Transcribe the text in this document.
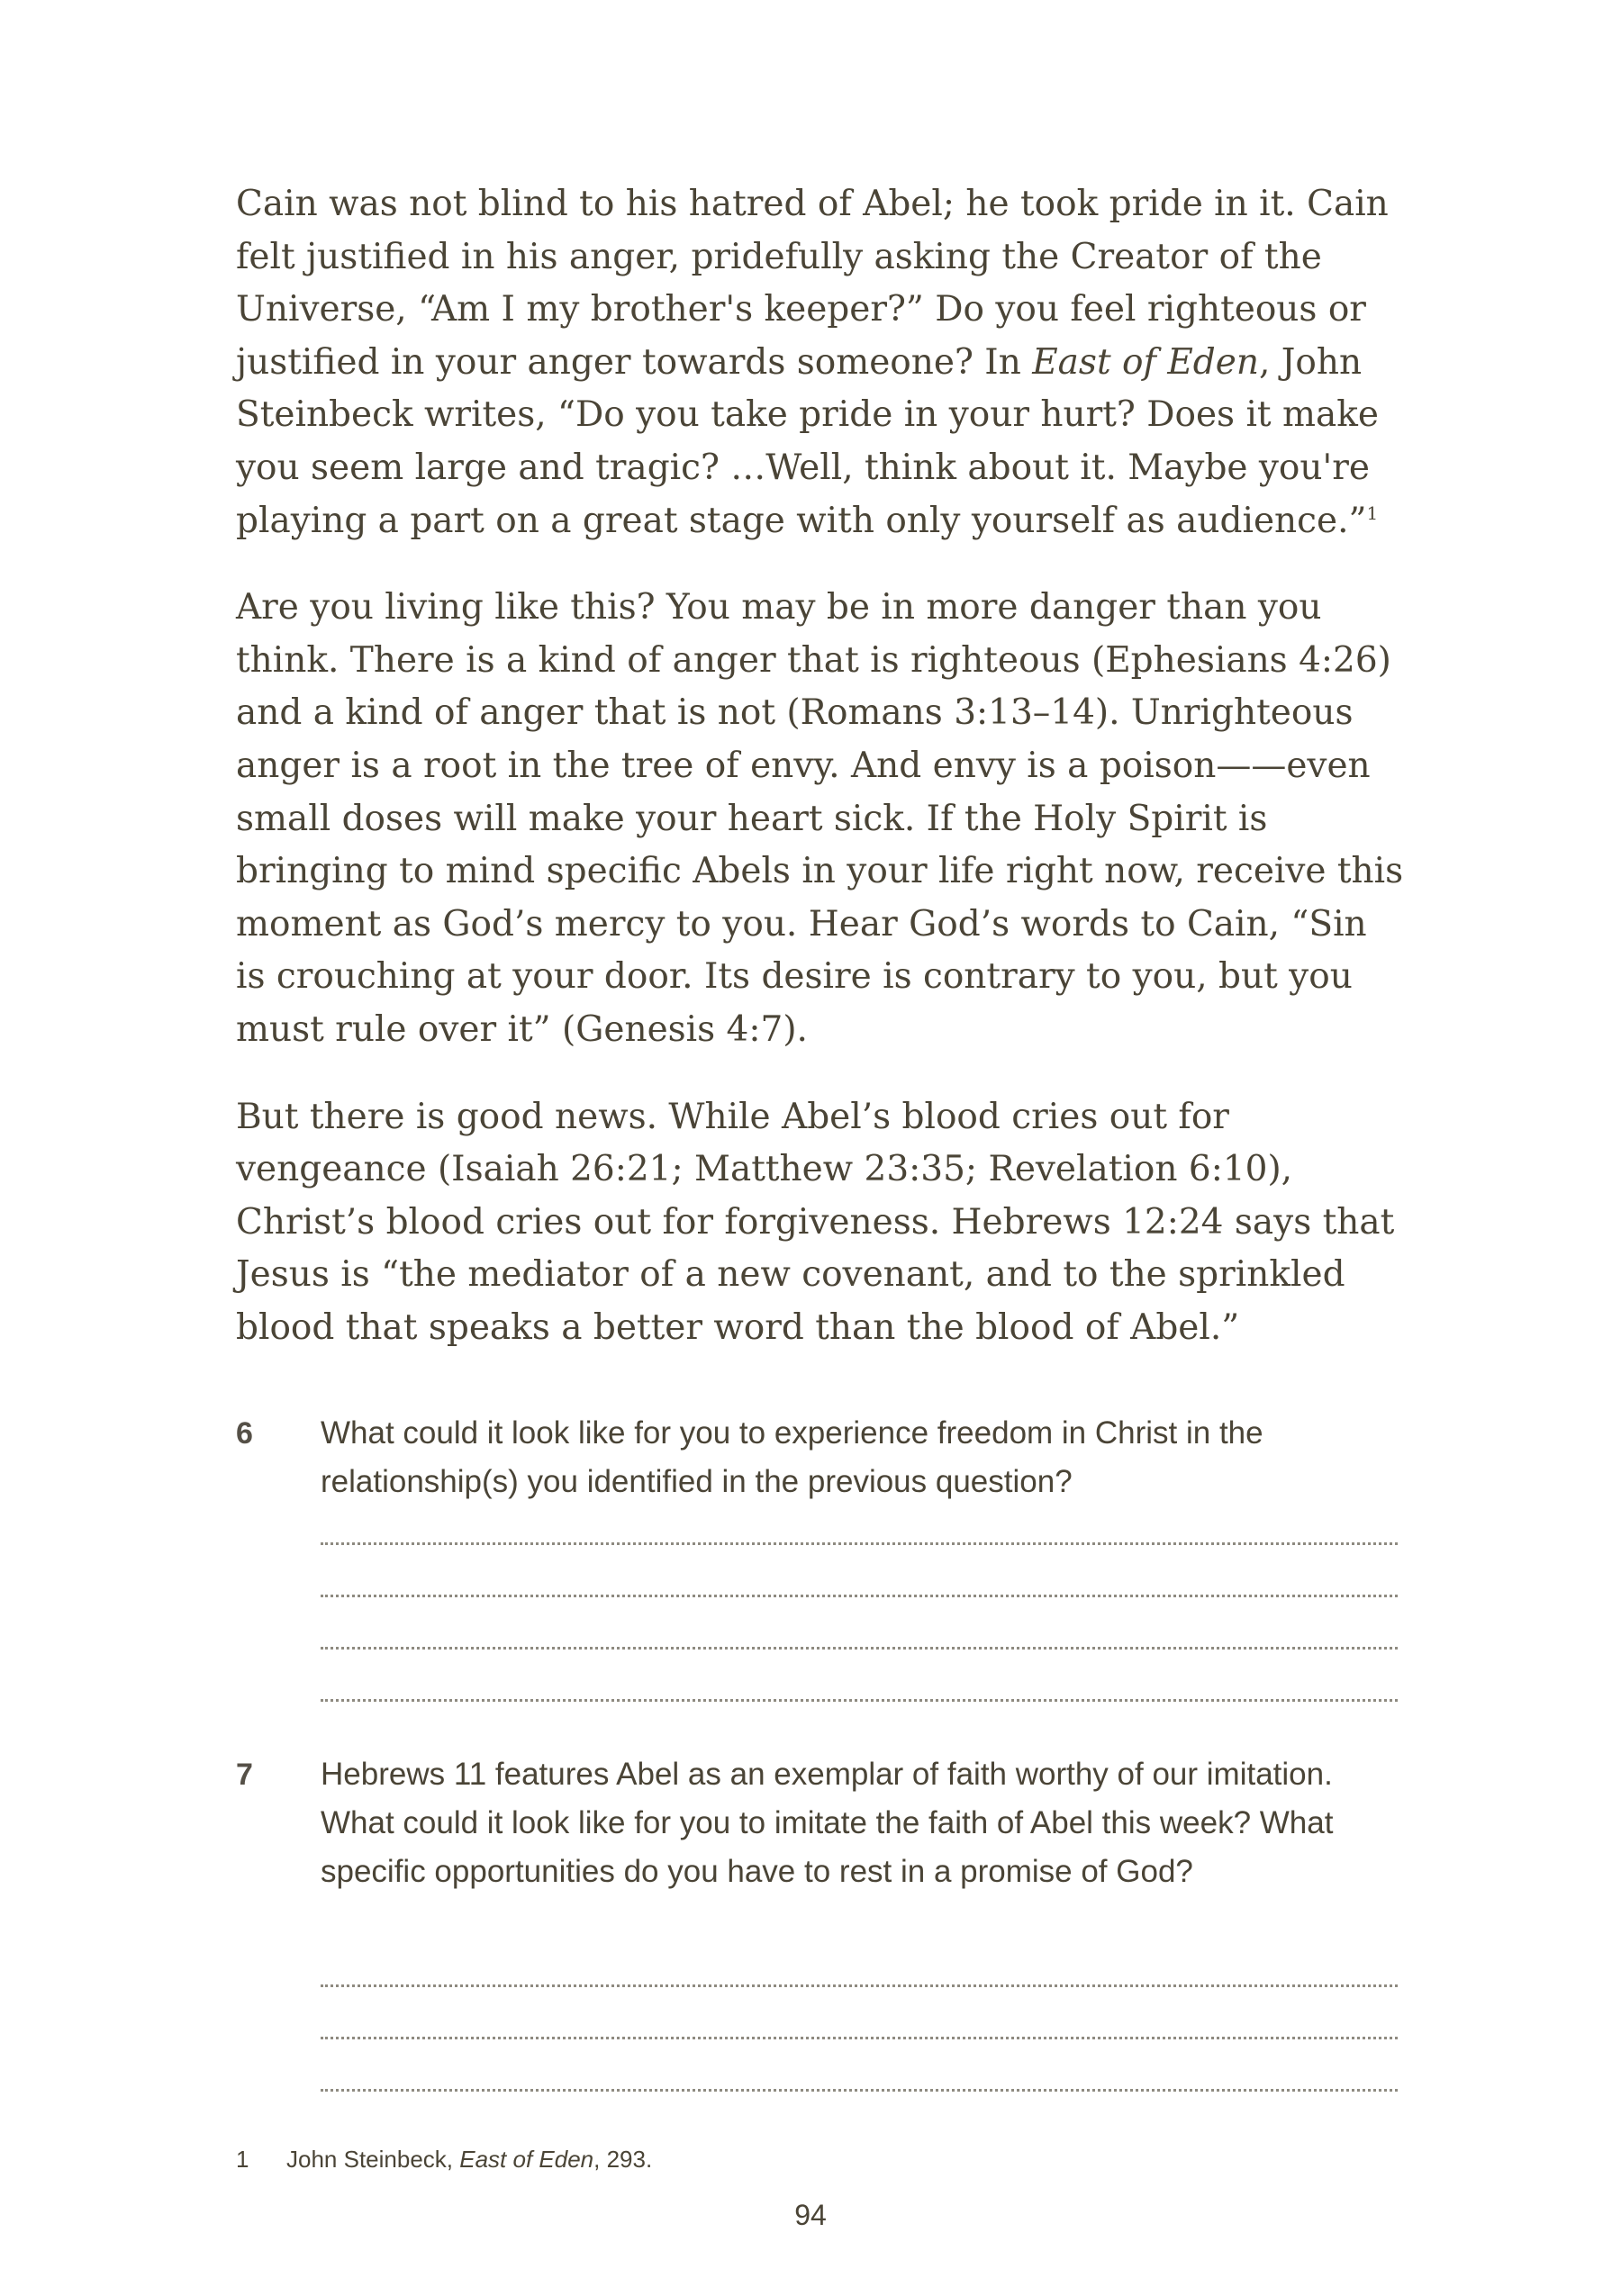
Cain was not blind to his hatred of Abel; he took pride in it. Cain felt justified in his anger, pridefully asking the Creator of the Universe, “Am I my brother's keeper?” Do you feel righteous or justified in your anger towards someone? In East of Eden, John Steinbeck writes, “Do you take pride in your hurt? Does it make you seem large and tragic? …Well, think about it. Maybe you're playing a part on a great stage with only yourself as audience.”$^1$

Are you living like this? You may be in more danger than you think. There is a kind of anger that is righteous (Ephesians 4:26) and a kind of anger that is not (Romans 3:13–14). Unrighteous anger is a root in the tree of envy. And envy is a poison——even small doses will make your heart sick. If the Holy Spirit is bringing to mind specific Abels in your life right now, receive this moment as God’s mercy to you. Hear God’s words to Cain, “Sin is crouching at your door. Its desire is contrary to you, but you must rule over it” (Genesis 4:7).

But there is good news. While Abel’s blood cries out for vengeance (Isaiah 26:21; Matthew 23:35; Revelation 6:10), Christ’s blood cries out for forgiveness. Hebrews 12:24 says that Jesus is “the mediator of a new covenant, and to the sprinkled blood that speaks a better word than the blood of Abel.”

6 What could it look like for you to experience freedom in Christ in the relationship(s) you identified in the previous question?
7 Hebrews 11 features Abel as an exemplar of faith worthy of our imitation. What could it look like for you to imitate the faith of Abel this week? What specific opportunities do you have to rest in a promise of God?
1 John Steinbeck, East of Eden, 293.
94
